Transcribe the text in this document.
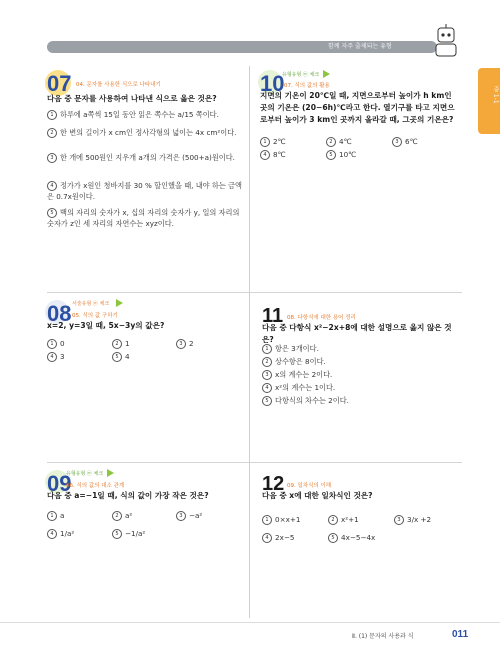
함께 자주 출제되는 유형
중 1-1
07 04. 문자를 사용한 식으로 나타내기
다음 중 문자를 사용하여 나타낸 식으로 옳은 것은?
1 하루에 a쪽씩 15일 동안 읽은 쪽수는 a/15 쪽이다.
2 한 변의 길이가 x cm인 정사각형의 넓이는 4x cm²이다.
3 한 개에 500원인 지우개 a개의 가격은 (500+a)원이다.
4 정가가 x원인 청바지를 30 % 할인했을 때, 내야 하는 금액은 0.7x원이다.
5 백의 자리의 숫자가 x, 십의 자리의 숫자가 y, 일의 자리의 숫자가 z인 세 자리의 자연수는 xyz이다.
서술유형 ⓦ 체크
08 05. 식의 값 구하기
x=2, y=3일 때, 5x−3y의 값은?
1 0	2 1	3 2
4 3	5 4
유형유형 ⓦ 체크
09
06. 식의 값의 대소 관계
다음 중 a=−1일 때, 식의 값이 가장 작은 것은?
1 a	2 a²	3 −a²
4 1/a²	5 −1/a²
유형유형 ⓦ 체크
10 07. 식의 값의 활용
지면의 기온이 20℃일 때, 지면으로부터 높이가 h km인 곳의 기온은 (20−6h)℃라고 한다. 열기구를 타고 지면으로부터 높이가 3 km인 곳까지 올라갈 때, 그곳의 기온은?
1 2℃	2 4℃	3 6℃
4 8℃	5 10℃
11 08. 다항식에 대한 용어 정리
다음 중 다항식 x²−2x+8에 대한 설명으로 옳지 않은 것은?
1 항은 3개이다.
2 상수항은 8이다.
3 x의 계수는 2이다.
4 x²의 계수는 1이다.
5 다항식의 차수는 2이다.
12 09. 일차식의 이해
다음 중 x에 대한 일차식인 것은?
1 0×x+1	2 x²+1	3 3/x +2
4 2x−5	5 4x−5−4x
Ⅱ. (1) 문자의 사용과 식	011
